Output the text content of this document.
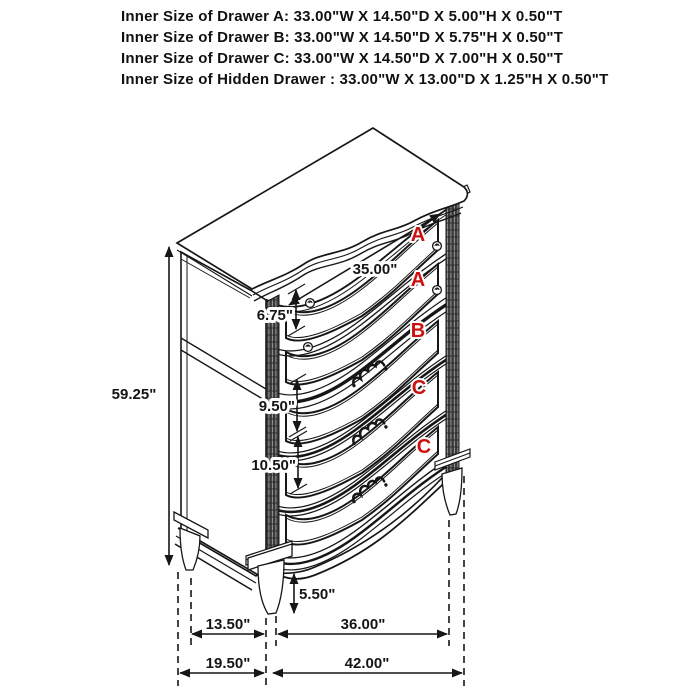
Inner Size of Drawer A: 33.00"W X 14.50"D X 5.00"H X 0.50"T
Inner Size of Drawer B: 33.00"W X 14.50"D X 5.75"H X 0.50"T
Inner Size of Drawer C: 33.00"W X 14.50"D X 7.00"H X 0.50"T
Inner Size of Hidden Drawer : 33.00"W X 13.00"D X 1.25"H X 0.50"T
59.25"
35.00"
6.75"
9.50"
10.50"
5.50"
13.50"	36.00"
19.50"	42.00"
A
A
B
C
C
